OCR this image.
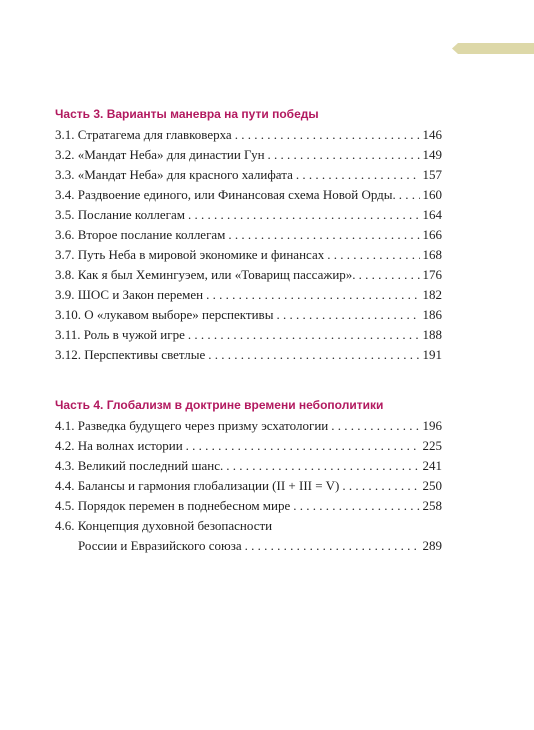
Часть 3. Варианты маневра на пути победы
3.1. Стратагема для главковерха . . .	146
3.2. «Мандат Неба» для династии Гун . . .	149
3.3. «Мандат Неба» для красного халифата . . .	157
3.4. Раздвоение единого, или Финансовая схема Новой Орды. . . . 160
3.5. Послание коллегам . . .	164
3.6. Второе послание коллегам . . .	166
3.7. Путь Неба в мировой экономике и финансах . . .	168
3.8. Как я был Хемингуэем, или «Товарищ пассажир». . . .	176
3.9. ШОС и Закон перемен . . .	182
3.10. О «лукавом выборе» перспективы . . .	186
3.11. Роль в чужой игре . . .	188
3.12. Перспективы светлые . . .	191
Часть 4. Глобализм в доктрине времени небополитики
4.1. Разведка будущего через призму эсхатологии . . .	196
4.2. На волнах истории . . .	225
4.3. Великий последний шанс. . . .	241
4.4. Балансы и гармония глобализации (II + III = V) . . .	250
4.5. Порядок перемен в поднебесном мире . . .	258
4.6. Концепция духовной безопасности
России и Евразийского союза . . .	289
